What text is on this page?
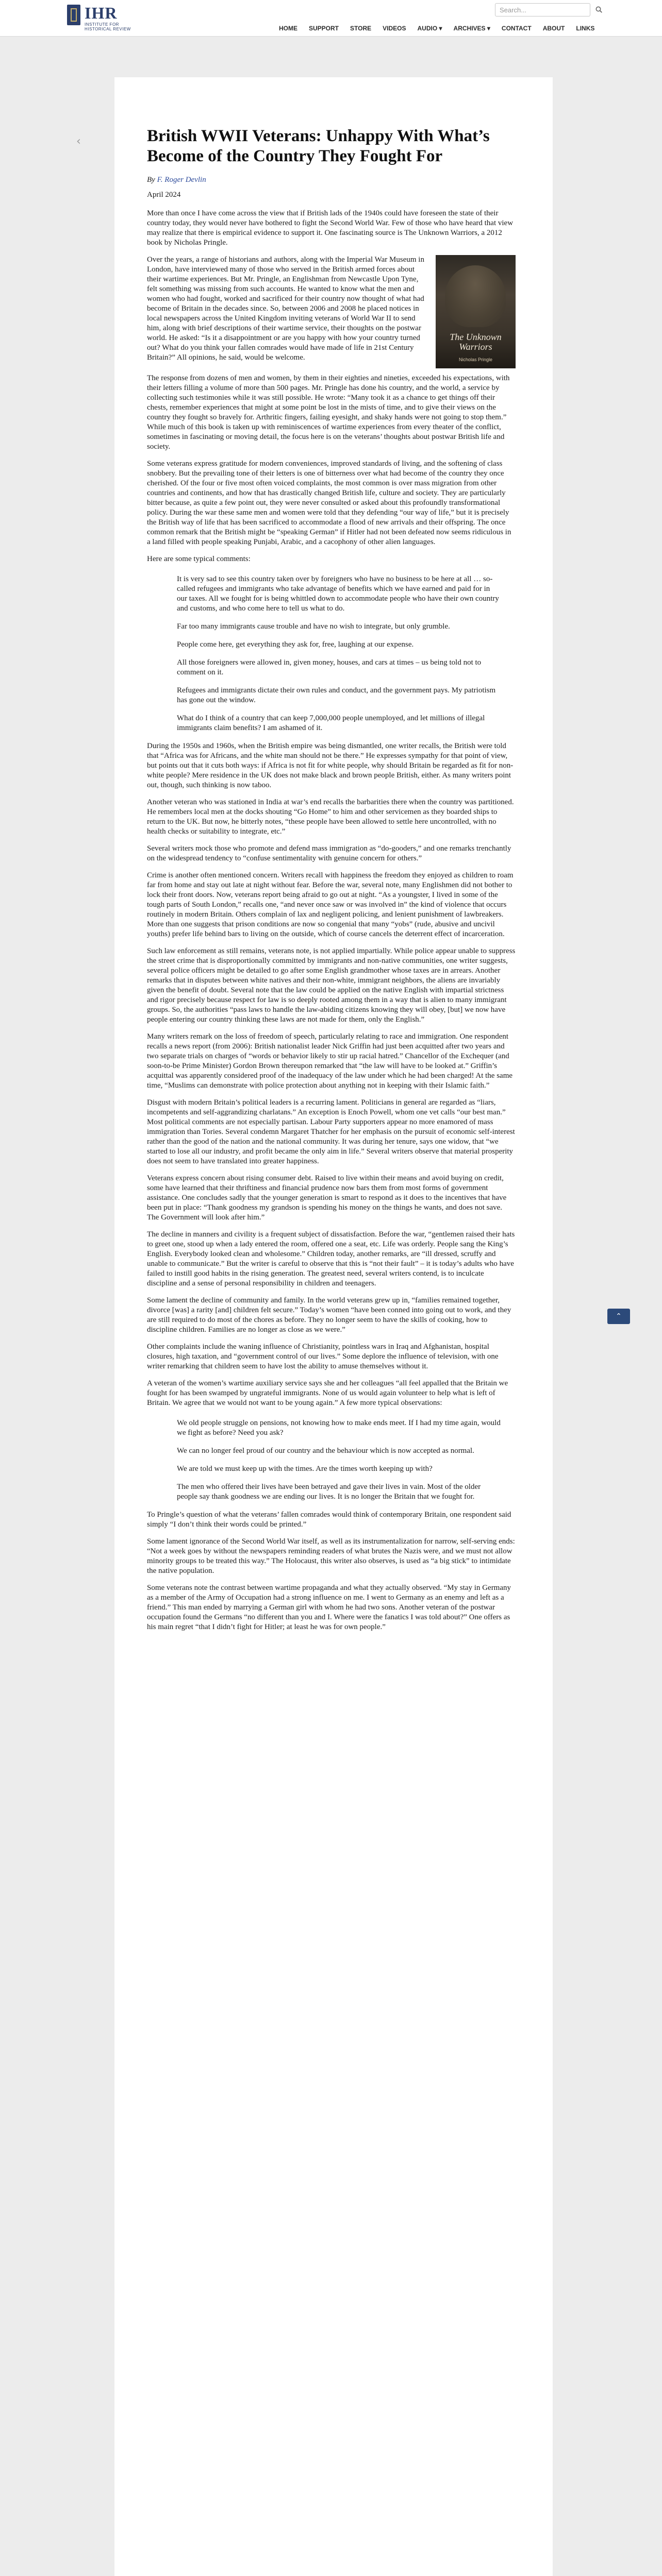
IHR
INSTITUTE FOR HISTORICAL REVIEW
Search...	HOME	SUPPORT	STORE	VIDEOS	AUDIO ▾	ARCHIVES ▾	CONTACT	ABOUT	LINKS
‹	British WWII Veterans: Unhappy With What’s Become of the Country They Fought For
By F. Roger Devlin
April 2024

More than once I have come across the view that if British lads of the 1940s could have foreseen the state of their country today, they would never have bothered to fight the Second World War. Few of those who have heard that view may realize that there is empirical evidence to support it. One fascinating source is The Unknown Warriors, a 2012 book by Nicholas Pringle.

The Unknown Warriors
Nicholas Pringle

Over the years, a range of historians and authors, along with the Imperial War Museum in London, have interviewed many of those who served in the British armed forces about their wartime experiences. But Mr. Pringle, an Englishman from Newcastle Upon Tyne, felt something was missing from such accounts. He wanted to know what the men and women who had fought, worked and sacrificed for their country now thought of what had become of Britain in the decades since. So, between 2006 and 2008 he placed notices in local newspapers across the United Kingdom inviting veterans of World War II to send him, along with brief descriptions of their wartime service, their thoughts on the postwar world. He asked: “Is it a disappointment or are you happy with how your country turned out? What do you think your fallen comrades would have made of life in 21st Century Britain?” All opinions, he said, would be welcome.

The response from dozens of men and women, by them in their eighties and nineties, exceeded his expectations, with their letters filling a volume of more than 500 pages. Mr. Pringle has done his country, and the world, a service by collecting such testimonies while it was still possible. He wrote: “Many took it as a chance to get things off their chests, remember experiences that might at some point be lost in the mists of time, and to give their views on the country they fought so bravely for. Arthritic fingers, failing eyesight, and shaky hands were not going to stop them.” While much of this book is taken up with reminiscences of wartime experiences from every theater of the conflict, sometimes in fascinating or moving detail, the focus here is on the veterans’ thoughts about postwar British life and society.

Some veterans express gratitude for modern conveniences, improved standards of living, and the softening of class snobbery. But the prevailing tone of their letters is one of bitterness over what had become of the country they once cherished. Of the four or five most often voiced complaints, the most common is over mass migration from other countries and continents, and how that has drastically changed British life, culture and society. They are particularly bitter because, as quite a few point out, they were never consulted or asked about this profoundly transformational policy. During the war these same men and women were told that they defending “our way of life,” but it is precisely the British way of life that has been sacrificed to accommodate a flood of new arrivals and their offspring. The once common remark that the British might be “speaking German” if Hitler had not been defeated now seems ridiculous in a land filled with people speaking Punjabi, Arabic, and a cacophony of other alien languages.

Here are some typical comments:

It is very sad to see this country taken over by foreigners who have no business to be here at all … so-called refugees and immigrants who take advantage of benefits which we have earned and paid for in our taxes. All we fought for is being whittled down to accommodate people who have their own country and customs, and who come here to tell us what to do.

Far too many immigrants cause trouble and have no wish to integrate, but only grumble.

People come here, get everything they ask for, free, laughing at our expense.

All those foreigners were allowed in, given money, houses, and cars at times – us being told not to comment on it.

Refugees and immigrants dictate their own rules and conduct, and the government pays. My patriotism has gone out the window.

What do I think of a country that can keep 7,000,000 people unemployed, and let millions of illegal immigrants claim benefits? I am ashamed of it.

During the 1950s and 1960s, when the British empire was being dismantled, one writer recalls, the British were told that “Africa was for Africans, and the white man should not be there.” He expresses sympathy for that point of view, but points out that it cuts both ways: if Africa is not fit for white people, why should Britain be regarded as fit for non-white people? Mere residence in the UK does not make black and brown people British, either. As many writers point out, though, such thinking is now taboo.

Another veteran who was stationed in India at war’s end recalls the barbarities there when the country was partitioned. He remembers local men at the docks shouting “Go Home” to him and other servicemen as they boarded ships to return to the UK. But now, he bitterly notes, “these people have been allowed to settle here uncontrolled, with no health checks or suitability to integrate, etc.”

Several writers mock those who promote and defend mass immigration as “do-gooders,” and one remarks trenchantly on the widespread tendency to “confuse sentimentality with genuine concern for others.”

Crime is another often mentioned concern. Writers recall with happiness the freedom they enjoyed as children to roam far from home and stay out late at night without fear. Before the war, several note, many Englishmen did not bother to lock their front doors. Now, veterans report being afraid to go out at night. “As a youngster, I lived in some of the tough parts of South London,” recalls one, “and never once saw or was involved in” the kind of violence that occurs routinely in modern Britain. Others complain of lax and negligent policing, and lenient punishment of lawbreakers. More than one suggests that prison conditions are now so congenial that many “yobs” (rude, abusive and uncivil youths) prefer life behind bars to living on the outside, which of course cancels the deterrent effect of incarceration.

Such law enforcement as still remains, veterans note, is not applied impartially. While police appear unable to suppress the street crime that is disproportionally committed by immigrants and non-native communities, one writer suggests, several police officers might be detailed to go after some English grandmother whose taxes are in arrears. Another remarks that in disputes between white natives and their non-white, immigrant neighbors, the aliens are invariably given the benefit of doubt. Several note that the law could be applied on the native English with impartial strictness and rigor precisely because respect for law is so deeply rooted among them in a way that is alien to many immigrant groups. So, the authorities “pass laws to handle the law-abiding citizens knowing they will obey, [but] we now have people entering our country thinking these laws are not made for them, only the English.”

Many writers remark on the loss of freedom of speech, particularly relating to race and immigration. One respondent recalls a news report (from 2006): British nationalist leader Nick Griffin had just been acquitted after two years and two separate trials on charges of “words or behavior likely to stir up racial hatred.” Chancellor of the Exchequer (and soon-to-be Prime Minister) Gordon Brown thereupon remarked that “the law will have to be looked at.” Griffin’s acquittal was apparently considered proof of the inadequacy of the law under which he had been charged! At the same time, “Muslims can demonstrate with police protection about anything not in keeping with their Islamic faith.”

Disgust with modern Britain’s political leaders is a recurring lament. Politicians in general are regarded as “liars, incompetents and self-aggrandizing charlatans.” An exception is Enoch Powell, whom one vet calls “our best man.” Most political comments are not especially partisan. Labour Party supporters appear no more enamored of mass immigration than Tories. Several condemn Margaret Thatcher for her emphasis on the pursuit of economic self-interest rather than the good of the nation and the national community. It was during her tenure, says one widow, that “we started to lose all our industry, and profit became the only aim in life.” Several writers observe that material prosperity does not seem to have translated into greater happiness.

Veterans express concern about rising consumer debt. Raised to live within their means and avoid buying on credit, some have learned that their thriftiness and financial prudence now bars them from most forms of government assistance. One concludes sadly that the younger generation is smart to respond as it does to the incentives that have been put in place: “Thank goodness my grandson is spending his money on the things he wants, and does not save. The Government will look after him.”

The decline in manners and civility is a frequent subject of dissatisfaction. Before the war, “gentlemen raised their hats to greet one, stood up when a lady entered the room, offered one a seat, etc. Life was orderly. People sang the King’s English. Everybody looked clean and wholesome.” Children today, another remarks, are “ill dressed, scruffy and unable to communicate.” But the writer is careful to observe that this is “not their fault” – it is today’s adults who have failed to instill good habits in the rising generation. The greatest need, several writers contend, is to inculcate discipline and a sense of personal responsibility in children and teenagers.

Some lament the decline of community and family. In the world veterans grew up in, “families remained together, divorce [was] a rarity [and] children felt secure.” Today’s women “have been conned into going out to work, and they are still required to do most of the chores as before. They no longer seem to have the skills of cooking, how to discipline children. Families are no longer as close as we were.”

Other complaints include the waning influence of Christianity, pointless wars in Iraq and Afghanistan, hospital closures, high taxation, and “government control of our lives.” Some deplore the influence of television, with one writer remarking that children seem to have lost the ability to amuse themselves without it.

A veteran of the women’s wartime auxiliary service says she and her colleagues “all feel appalled that the Britain we fought for has been swamped by ungrateful immigrants. None of us would again volunteer to help what is left of Britain. We agree that we would not want to be young again.” A few more typical observations:

We old people struggle on pensions, not knowing how to make ends meet. If I had my time again, would we fight as before? Need you ask?

We can no longer feel proud of our country and the behaviour which is now accepted as normal.

We are told we must keep up with the times. Are the times worth keeping up with?

The men who offered their lives have been betrayed and gave their lives in vain. Most of the older people say thank goodness we are ending our lives. It is no longer the Britain that we fought for.

To Pringle’s question of what the veterans’ fallen comrades would think of contemporary Britain, one respondent said simply “I don’t think their words could be printed.”

Some lament ignorance of the Second World War itself, as well as its instrumentalization for narrow, self-serving ends: “Not a week goes by without the newspapers reminding readers of what brutes the Nazis were, and we must not allow minority groups to be treated this way.” The Holocaust, this writer also observes, is used as “a big stick” to intimidate the native population.

Some veterans note the contrast between wartime propaganda and what they actually observed. “My stay in Germany as a member of the Army of Occupation had a strong influence on me. I went to Germany as an enemy and left as a friend.” This man ended by marrying a German girl with whom he had two sons. Another veteran of the postwar occupation found the Germans “no different than you and I. Where were the fanatics I was told about?” One offers as his main regret “that I didn’t fight for Hitler; at least he was for own people.”

⌃
